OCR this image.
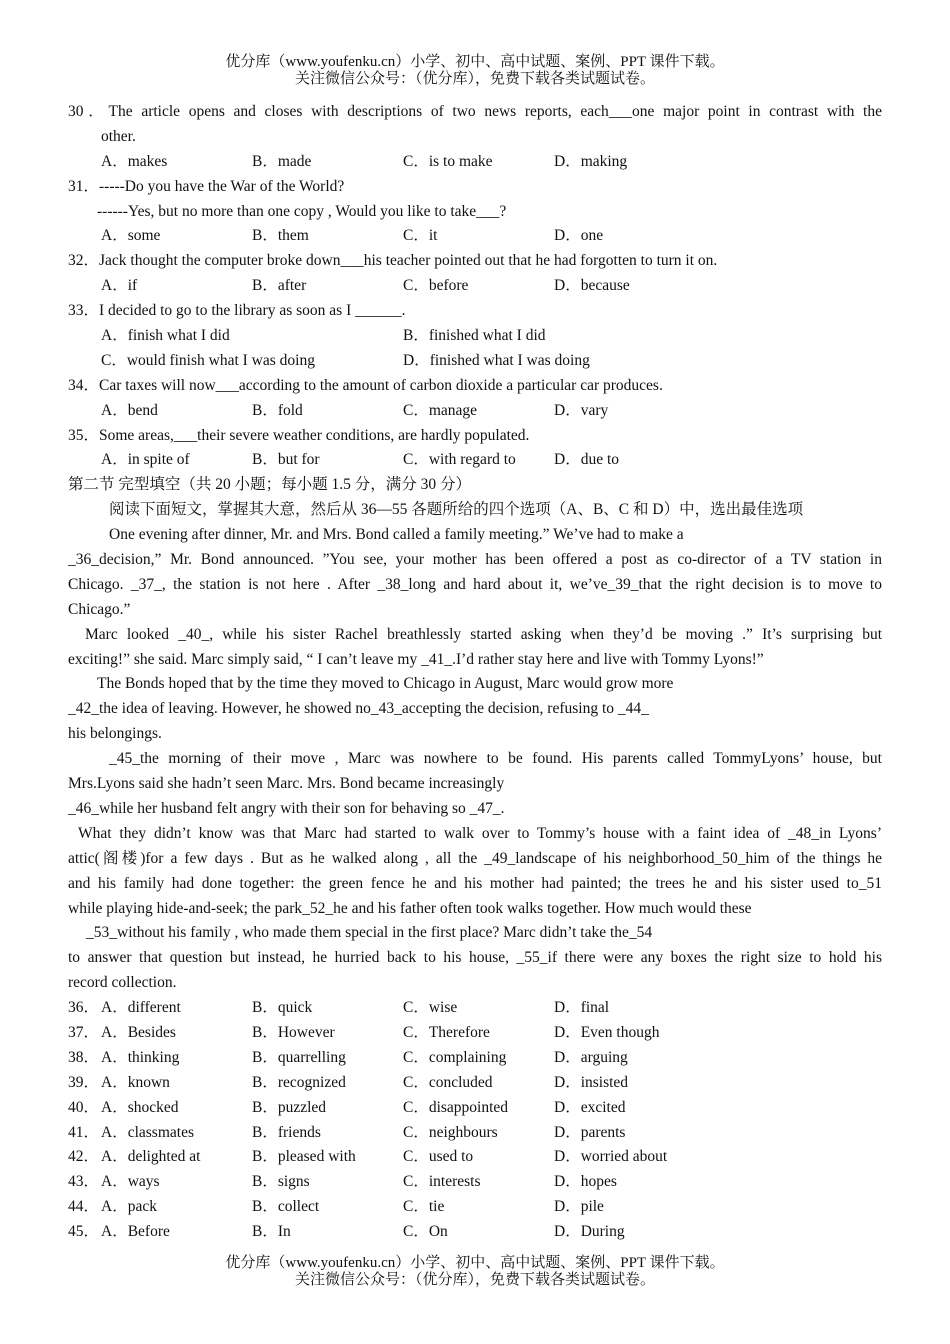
优分库（www.youfenku.cn）小学、初中、高中试题、案例、PPT 课件下载。
关注微信公众号：（优分库），免费下载各类试题试卷。
30．The article opens and closes with descriptions of two news reports, each___one major point in contrast with the
other.
A．makes	B．made	C．is to make	D．making
31．-----Do you have the War of the World?
------Yes, but no more than one copy , Would you like to take___?
A．some	B．them	C．it	D．one
32．Jack thought the computer broke down___his teacher pointed out that he had forgotten to turn it on.
A．if	B．after	C．before	D．because
33．I decided to go to the library as soon as I ______.
A．finish what I did	B．finished what I did
C．would finish what I was doing	D．finished what I was doing
34．Car taxes will now___according to the amount of carbon dioxide a particular car produces.
A．bend	B．fold	C．manage	D．vary
35．Some areas,___their severe weather conditions, are hardly populated.
A．in spite of	B．but for	C．with regard to D．due to
第二节 完型填空（共 20 小题；每小题 1.5 分，满分 30 分）
阅读下面短文，掌握其大意，然后从 36—55 各题所给的四个选项（A、B、C 和 D）中，选出最佳选项
One evening after dinner, Mr. and Mrs. Bond called a family meeting.” We’ve had to make a
_36_decision,” Mr. Bond announced. ”You see, your mother has been offered a post as co-director of a TV station in
Chicago. _37_, the station is not here . After _38_long and hard about it, we’ve_39_that the right decision is to move to
Chicago.”
Marc looked _40_, while his sister Rachel breathlessly started asking when they’d be moving .” It’s surprising but
exciting!” she said. Marc simply said, “ I can’t leave my _41_.I’d rather stay here and live with Tommy Lyons!”
The Bonds hoped that by the time they moved to Chicago in August, Marc would grow more
_42_the idea of leaving. However, he showed no_43_accepting the decision, refusing to _44_
his belongings.
_45_the morning of their move , Marc was nowhere to be found. His parents called TommyLyons’ house, but
Mrs.Lyons said she hadn’t seen Marc. Mrs. Bond became increasingly
_46_while her husband felt angry with their son for behaving so _47_.
What they didn’t know was that Marc had started to walk over to Tommy’s house with a faint idea of _48_in Lyons’
attic(阁楼)for a few days . But as he walked along , all the _49_landscape of his neighborhood_50_him of the things he
and his family had done together: the green fence he and his mother had painted; the trees he and his sister used to_51
while playing hide-and-seek; the park_52_he and his father often took walks together. How much would these
_53_without his family , who made them special in the first place? Marc didn’t take the_54
to answer that question but instead, he hurried back to his house, _55_if there were any boxes the right size to hold his
record collection.
36． A．different	B．quick	C．wise	D．final
37． A．Besides	B．However	C．Therefore	D．Even though
38． A．thinking	B．quarrelling	C．complaining	D．arguing
39． A．known	B．recognized	C．concluded	D．insisted
40． A．shocked	B．puzzled	C．disappointed	D．excited
41． A．classmates	B．friends	C．neighbours	D．parents
42． A．delighted at	B．pleased with	C．used to	D．worried about
43． A．ways	B．signs	C．interests	D．hopes
44． A．pack	B．collect	C．tie	D．pile
45． A．Before	B．In	C．On	D．During
优分库（www.youfenku.cn）小学、初中、高中试题、案例、PPT 课件下载。
关注微信公众号：（优分库），免费下载各类试题试卷。
